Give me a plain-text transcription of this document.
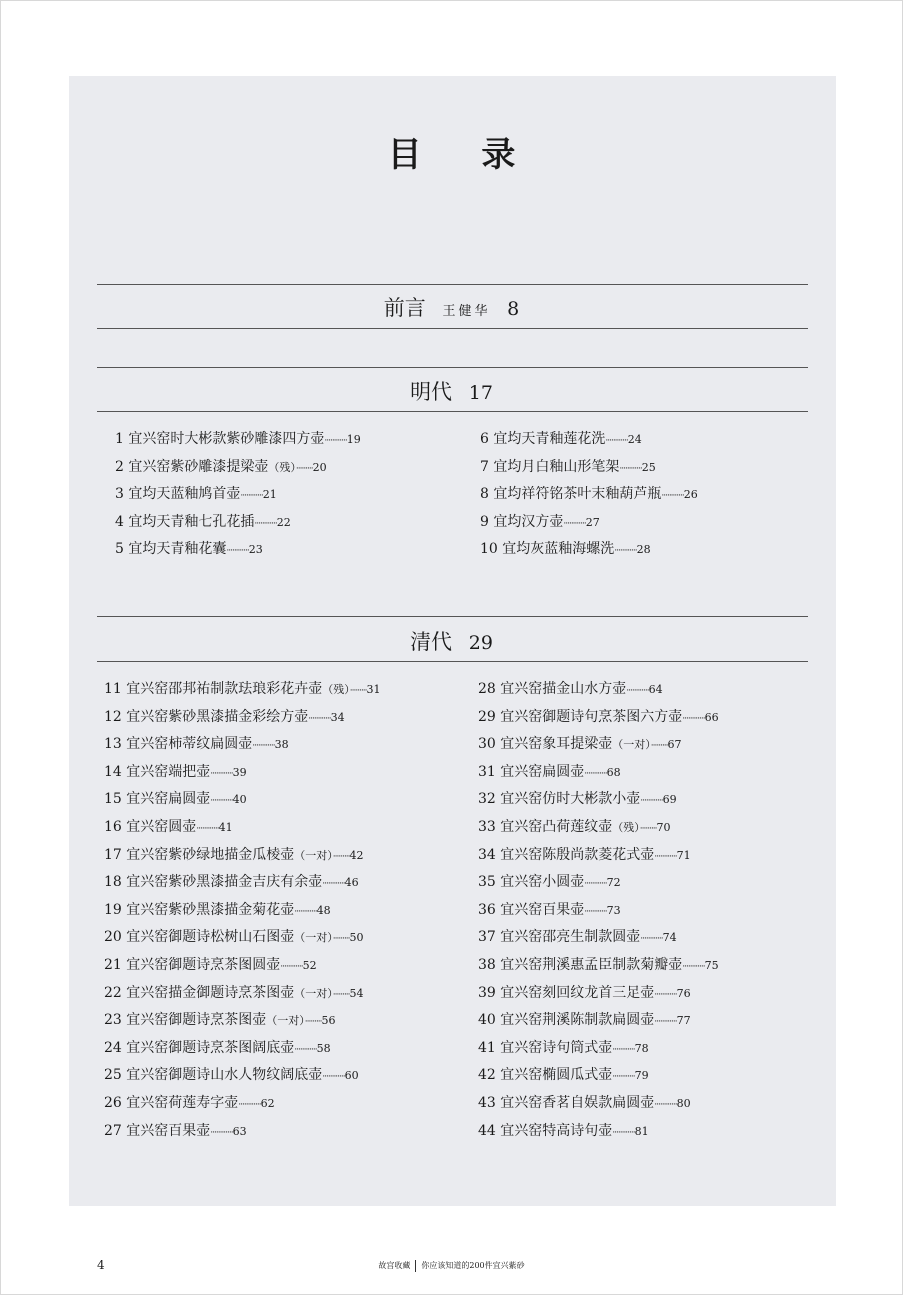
目 录
前言 王健华 8
明代 17
1 宜兴窑时大彬款紫砂雕漆四方壶············19
2 宜兴窑紫砂雕漆提梁壶（残）·········20
3 宜均天蓝釉鸠首壶············21
4 宜均天青釉七孔花插············22
5 宜均天青釉花囊············23
6 宜均天青釉莲花洗············24
7 宜均月白釉山形笔架············25
8 宜均祥符铭茶叶末釉葫芦瓶············26
9 宜均汉方壶············27
10 宜均灰蓝釉海螺洗············28
清代 29
11 宜兴窑邵邦祐制款珐琅彩花卉壶（残）·········31
12 宜兴窑紫砂黑漆描金彩绘方壶············34
13 宜兴窑柿蒂纹扁圆壶············38
14 宜兴窑端把壶············39
15 宜兴窑扁圆壶············40
16 宜兴窑圆壶············41
17 宜兴窑紫砂绿地描金瓜棱壶（一对）·········42
18 宜兴窑紫砂黑漆描金吉庆有余壶············46
19 宜兴窑紫砂黑漆描金菊花壶············48
20 宜兴窑御题诗松树山石图壶（一对）·········50
21 宜兴窑御题诗烹茶图圆壶············52
22 宜兴窑描金御题诗烹茶图壶（一对）·········54
23 宜兴窑御题诗烹茶图壶（一对）·········56
24 宜兴窑御题诗烹茶图阔底壶············58
25 宜兴窑御题诗山水人物纹阔底壶············60
26 宜兴窑荷莲寿字壶············62
27 宜兴窑百果壶············63
28 宜兴窑描金山水方壶············64
29 宜兴窑御题诗句烹茶图六方壶············66
30 宜兴窑象耳提梁壶（一对）·········67
31 宜兴窑扁圆壶············68
32 宜兴窑仿时大彬款小壶············69
33 宜兴窑凸荷莲纹壶（残）·········70
34 宜兴窑陈殷尚款菱花式壶············71
35 宜兴窑小圆壶············72
36 宜兴窑百果壶············73
37 宜兴窑邵亮生制款圆壶············74
38 宜兴窑荆溪惠孟臣制款菊瓣壶············75
39 宜兴窑刻回纹龙首三足壶············76
40 宜兴窑荆溪陈制款扁圆壶············77
41 宜兴窑诗句筒式壶············78
42 宜兴窑椭圆瓜式壶············79
43 宜兴窑香茗自娱款扁圆壶············80
44 宜兴窑特高诗句壶············81
4	故宫收藏 你应该知道的200件宜兴紫砂
